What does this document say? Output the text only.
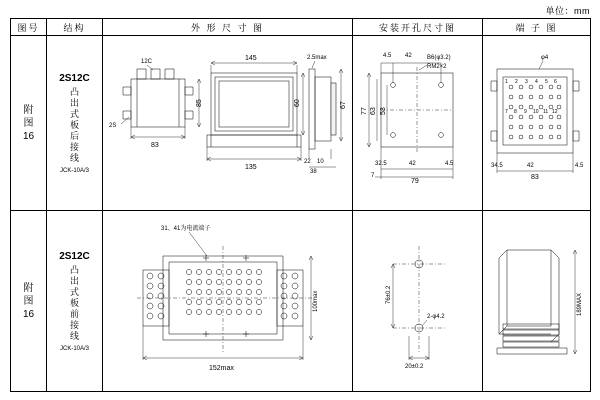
单位：mm
图号	结构	外 形 尺 寸 图	安装开孔尺寸图	端 子 图

附
图
16

2S12C
凸出式板后接线
JCK-10A/3

12C
2S
85
83
145
135
2.5max
60	67
22 10
38

B6(φ3.2)
RM2×2
4.5 42
77 63 53
32.5	42	4.5
7
79

φ4
1 2 3 4 5 6
7 8 9 10 11 12
34.5	42	4.5
83

附
图
16

2S12C
凸出式板前接线
JCK-10A/3

31、41为电流端子
100max
152max

2-φ4.2
76±0.2
20±0.2

189MAX
